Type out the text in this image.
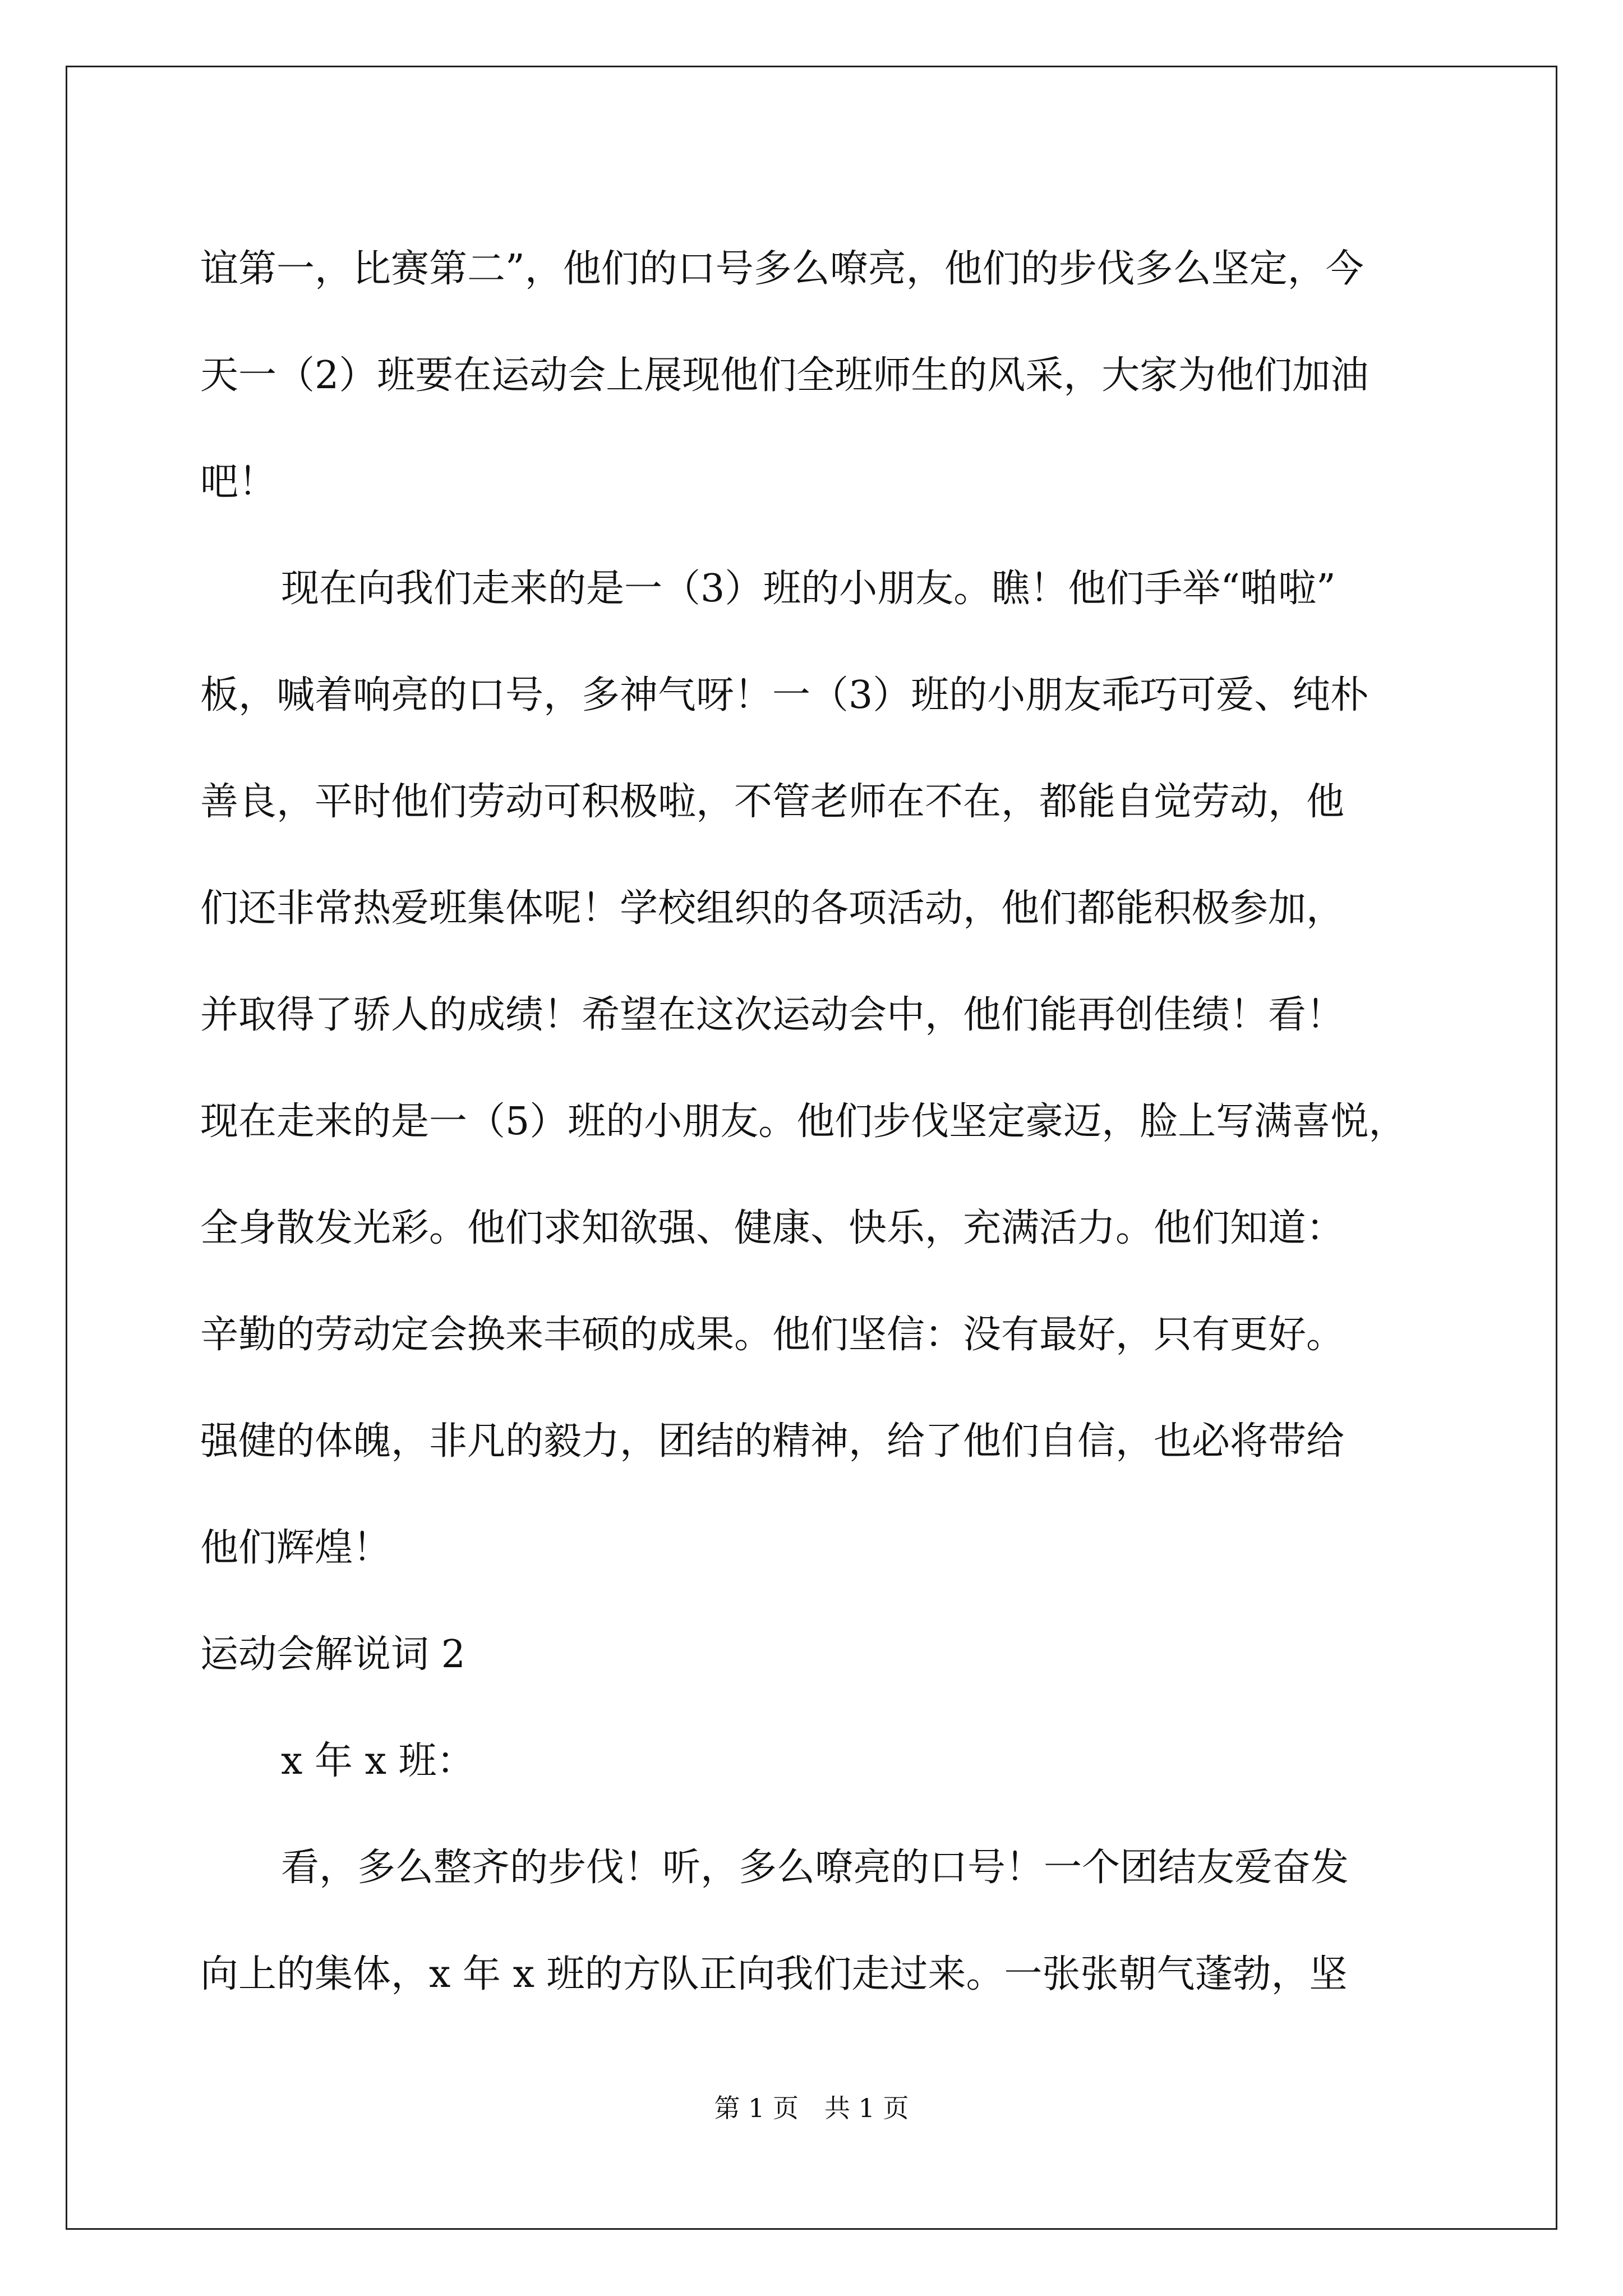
谊第一，比赛第二”，他们的口号多么嘹亮，他们的步伐多么坚定，今
天一（2）班要在运动会上展现他们全班师生的风采，大家为他们加油
吧！
现在向我们走来的是一（3）班的小朋友。瞧！他们手举“啪啦”
板，喊着响亮的口号，多神气呀！一（3）班的小朋友乖巧可爱、纯朴
善良，平时他们劳动可积极啦，不管老师在不在，都能自觉劳动，他
们还非常热爱班集体呢！学校组织的各项活动，他们都能积极参加，
并取得了骄人的成绩！希望在这次运动会中，他们能再创佳绩！看！
现在走来的是一（5）班的小朋友。他们步伐坚定豪迈，脸上写满喜悦，
全身散发光彩。他们求知欲强、健康、快乐，充满活力。他们知道：
辛勤的劳动定会换来丰硕的成果。他们坚信：没有最好，只有更好。
强健的体魄，非凡的毅力，团结的精神，给了他们自信，也必将带给
他们辉煌！
运动会解说词 2
x 年 x 班：
看，多么整齐的步伐！听，多么嘹亮的口号！一个团结友爱奋发
向上的集体，x 年 x 班的方队正向我们走过来。一张张朝气蓬勃，坚
第 1 页　共 1 页
